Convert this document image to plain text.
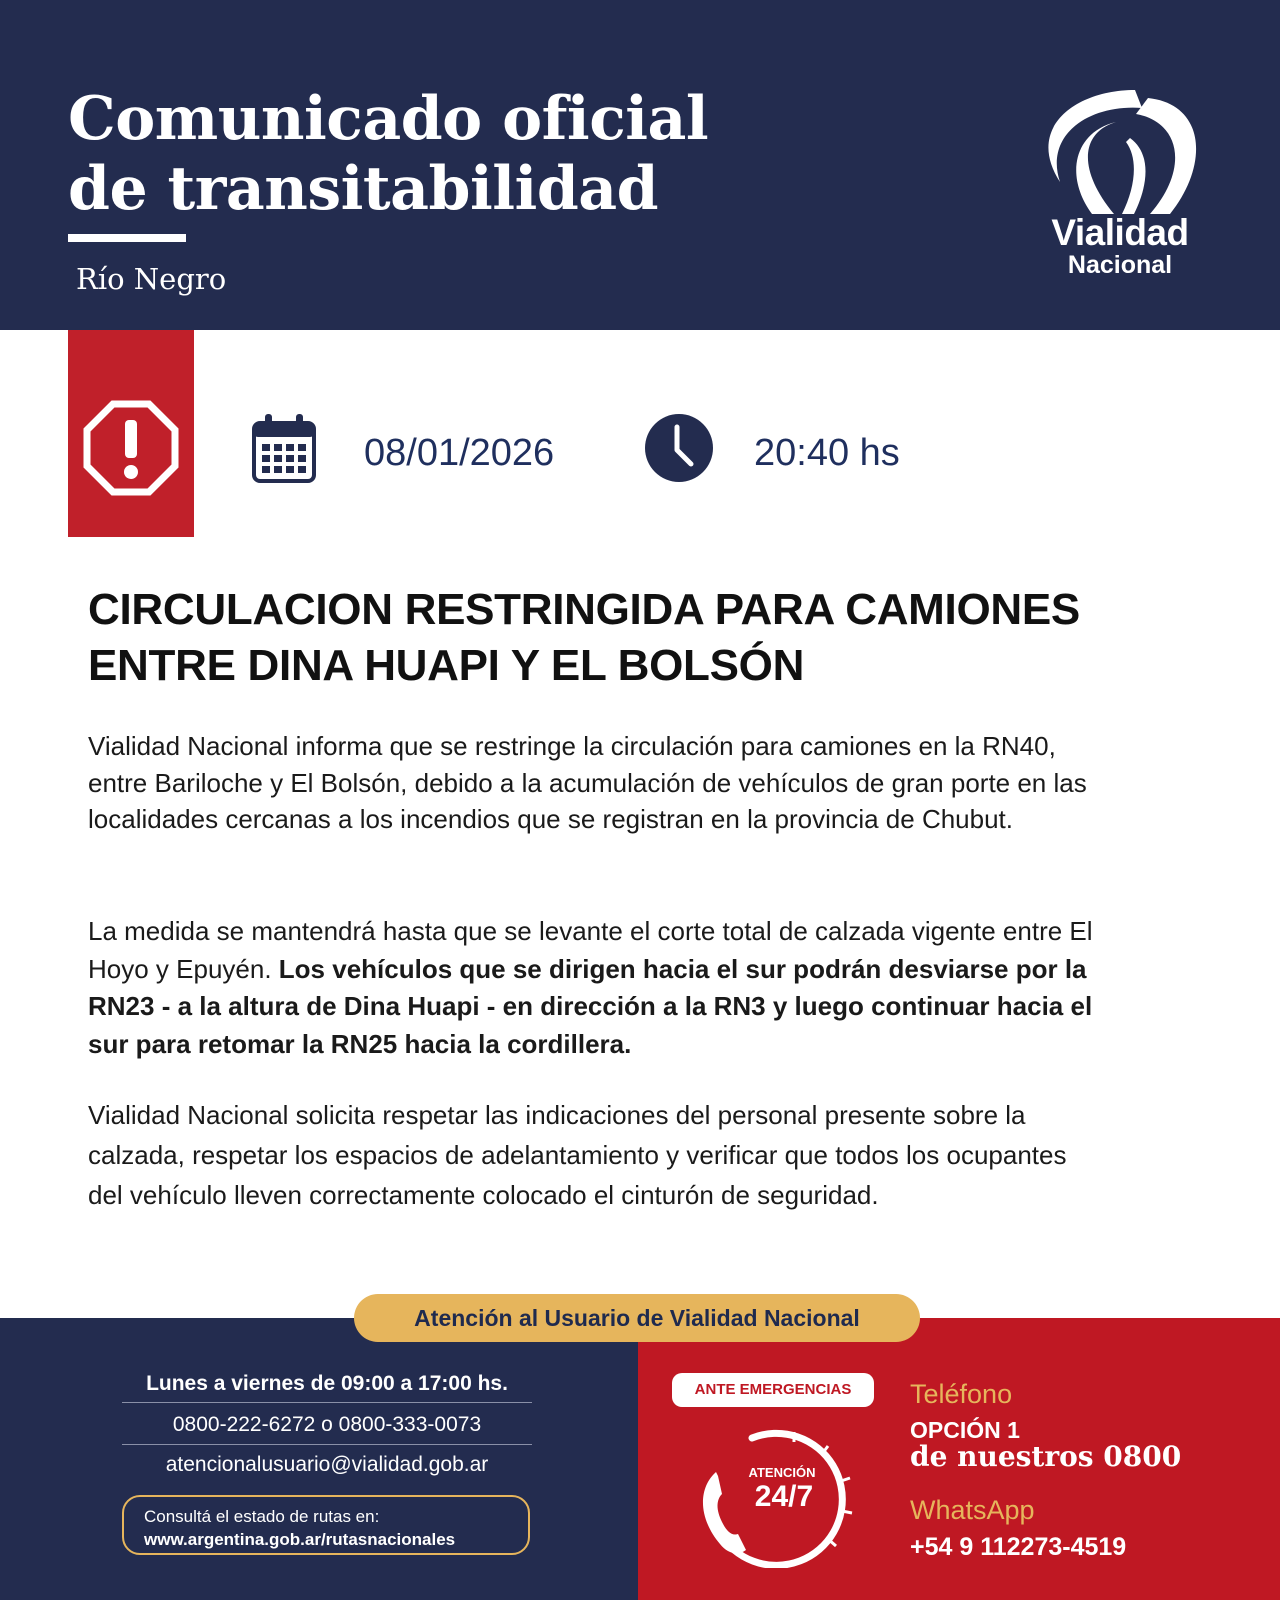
Comunicado oficial
de transitabilidad
Río Negro
Vialidad
Nacional
08/01/2026	20:40 hs
CIRCULACION RESTRINGIDA PARA CAMIONES
ENTRE DINA HUAPI Y EL BOLSÓN

Vialidad Nacional informa que se restringe la circulación para camiones en la RN40, entre Bariloche y El Bolsón, debido a la acumulación de vehículos de gran porte en las localidades cercanas a los incendios que se registran en la provincia de Chubut.

La medida se mantendrá hasta que se levante el corte total de calzada vigente entre El Hoyo y Epuyén. Los vehículos que se dirigen hacia el sur podrán desviarse por la RN23 - a la altura de Dina Huapi - en dirección a la RN3 y luego continuar hacia el sur para retomar la RN25 hacia la cordillera.

Vialidad Nacional solicita respetar las indicaciones del personal presente sobre la calzada, respetar los espacios de adelantamiento y verificar que todos los ocupantes del vehículo lleven correctamente colocado el cinturón de seguridad.

Atención al Usuario de Vialidad Nacional
Lunes a viernes de 09:00 a 17:00 hs.
0800-222-6272 o 0800-333-0073
atencionalusuario@vialidad.gob.ar
Consultá el estado de rutas en:
www.argentina.gob.ar/rutasnacionales
ANTE EMERGENCIAS
ATENCIÓN
24/7
Teléfono
OPCIÓN 1
de nuestros 0800
WhatsApp
+54 9 112273-4519
